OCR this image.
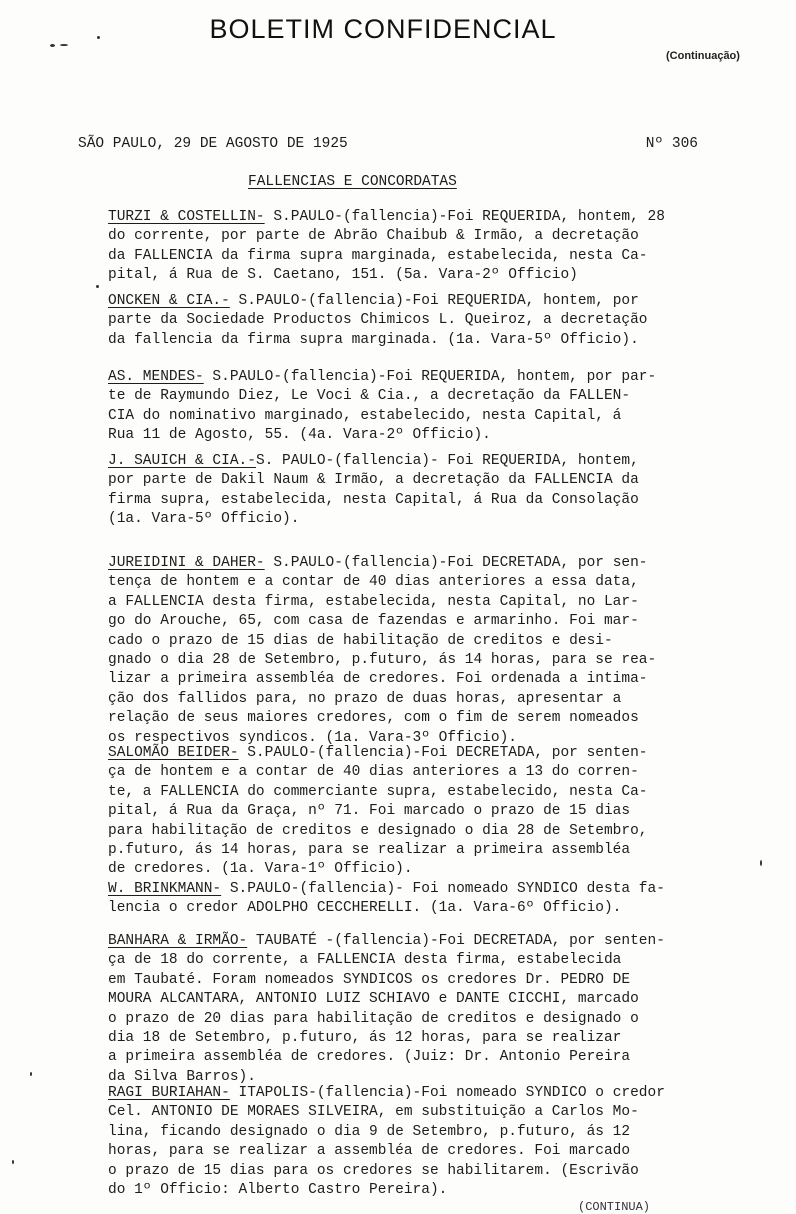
BOLETIM CONFIDENCIAL
(Continuação)
SÃO PAULO, 29 DE AGOSTO DE 1925	Nº 306
FALLENCIAS E CONCORDATAS
TURZI & COSTELLIN- S.PAULO-(fallencia)-Foi REQUERIDA, hontem, 28
do corrente, por parte de Abrão Chaibub & Irmão, a decretação
da FALLENCIA da firma supra marginada, estabelecida, nesta Ca-
pital, á Rua de S. Caetano, 151. (5a. Vara-2º Officio)
ONCKEN & CIA.- S.PAULO-(fallencia)-Foi REQUERIDA, hontem, por
parte da Sociedade Productos Chimicos L. Queiroz, a decretação
da fallencia da firma supra marginada. (1a. Vara-5º Officio).
AS. MENDES- S.PAULO-(fallencia)-Foi REQUERIDA, hontem, por par-
te de Raymundo Diez, Le Voci & Cia., a decretação da FALLEN-
CIA do nominativo marginado, estabelecido, nesta Capital, á
Rua 11 de Agosto, 55. (4a. Vara-2º Officio).
J. SAUICH & CIA.-S. PAULO-(fallencia)- Foi REQUERIDA, hontem,
por parte de Dakil Naum & Irmão, a decretação da FALLENCIA da
firma supra, estabelecida, nesta Capital, á Rua da Consolação
(1a. Vara-5º Officio).
JUREIDINI & DAHER- S.PAULO-(fallencia)-Foi DECRETADA, por sen-
tença de hontem e a contar de 40 dias anteriores a essa data,
a FALLENCIA desta firma, estabelecida, nesta Capital, no Lar-
go do Arouche, 65, com casa de fazendas e armarinho. Foi mar-
cado o prazo de 15 dias de habilitação de creditos e desi-
gnado o dia 28 de Setembro, p.futuro, ás 14 horas, para se rea-
lizar a primeira assembléa de credores. Foi ordenada a intima-
ção dos fallidos para, no prazo de duas horas, apresentar a
relação de seus maiores credores, com o fim de serem nomeados
os respectivos syndicos. (1a. Vara-3º Officio).
SALOMÃO BEIDER- S.PAULO-(fallencia)-Foi DECRETADA, por senten-
ça de hontem e a contar de 40 dias anteriores a 13 do corren-
te, a FALLENCIA do commerciante supra, estabelecido, nesta Ca-
pital, á Rua da Graça, nº 71. Foi marcado o prazo de 15 dias
para habilitação de creditos e designado o dia 28 de Setembro,
p.futuro, ás 14 horas, para se realizar a primeira assembléa
de credores. (1a. Vara-1º Officio).
W. BRINKMANN- S.PAULO-(fallencia)- Foi nomeado SYNDICO desta fa-
lencia o credor ADOLPHO CECCHERELLI. (1a. Vara-6º Officio).
BANHARA & IRMÃO- TAUBATÉ -(fallencia)-Foi DECRETADA, por senten-
ça de 18 do corrente, a FALLENCIA desta firma, estabelecida
em Taubaté. Foram nomeados SYNDICOS os credores Dr. PEDRO DE
MOURA ALCANTARA, ANTONIO LUIZ SCHIAVO e DANTE CICCHI, marcado
o prazo de 20 dias para habilitação de creditos e designado o
dia 18 de Setembro, p.futuro, ás 12 horas, para se realizar
a primeira assembléa de credores. (Juiz: Dr. Antonio Pereira
da Silva Barros).
RAGI BURIAHAN- ITAPOLIS-(fallencia)-Foi nomeado SYNDICO o credor
Cel. ANTONIO DE MORAES SILVEIRA, em substituição a Carlos Mo-
lina, ficando designado o dia 9 de Setembro, p.futuro, ás 12
horas, para se realizar a assembléa de credores. Foi marcado
o prazo de 15 dias para os credores se habilitarem. (Escrivão
do 1º Officio: Alberto Castro Pereira).
(CONTINUA)
